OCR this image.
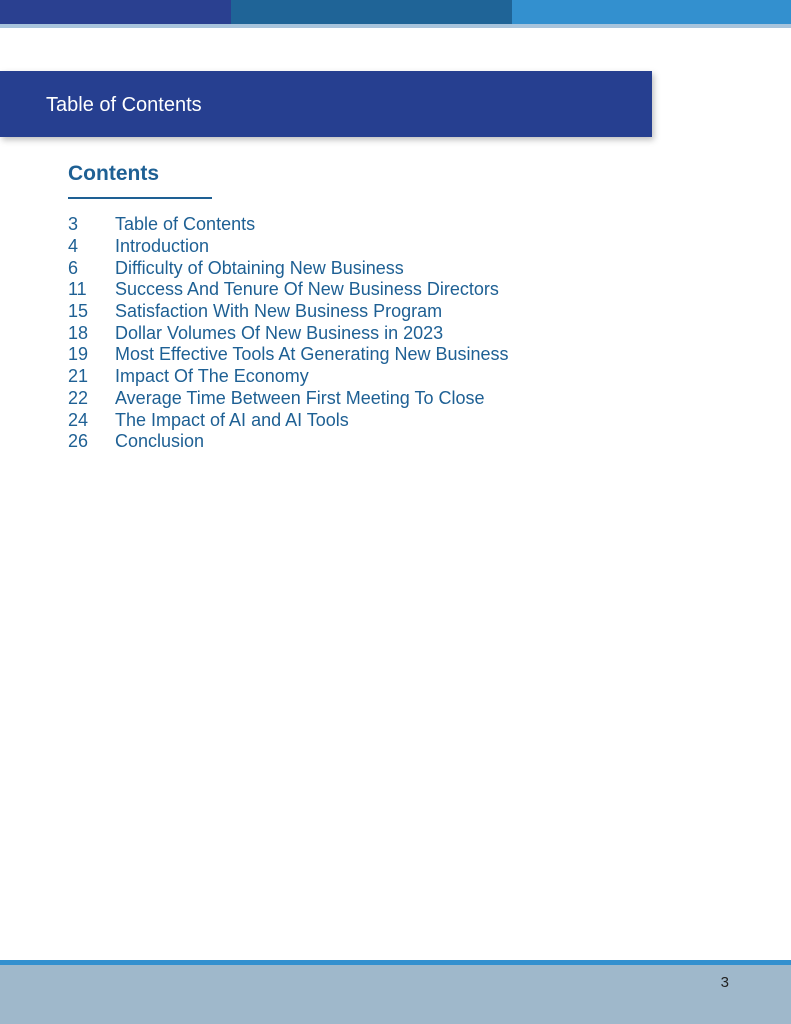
Table of Contents
Contents
3	Table of Contents
4	Introduction
6	Difficulty of Obtaining New Business
11	Success And Tenure Of New Business Directors
15	Satisfaction With New Business Program
18	Dollar Volumes Of New Business in 2023
19	Most Effective Tools At Generating New Business
21	Impact Of The Economy
22	Average Time Between First Meeting To Close
24	The Impact of AI and AI Tools
26	Conclusion
3
